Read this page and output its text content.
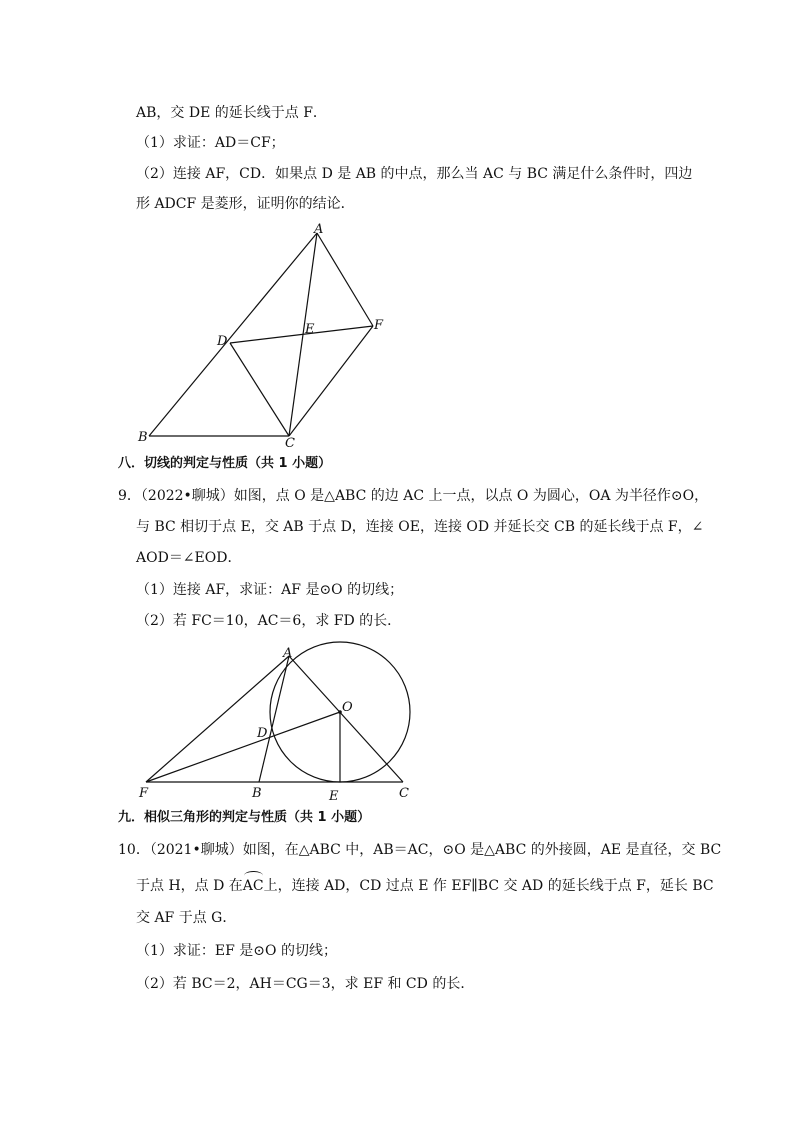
AB，交 DE 的延长线于点 F．
（1）求证：AD＝CF；
（2）连接 AF，CD．如果点 D 是 AB 的中点，那么当 AC 与 BC 满足什么条件时，四边
形 ADCF 是菱形，证明你的结论．
A
B	C
D
E	F
八．切线的判定与性质（共 1 小题）
9．（2022•聊城）如图，点 O 是△ABC 的边 AC 上一点，以点 O 为圆心，OA 为半径作⊙O，
与 BC 相切于点 E，交 AB 于点 D，连接 OE，连接 OD 并延长交 CB 的延长线于点 F，∠
AOD＝∠EOD．
（1）连接 AF，求证：AF 是⊙O 的切线；
（2）若 FC＝10，AC＝6，求 FD 的长．
A
O
D
F	B	E	C
九．相似三角形的判定与性质（共 1 小题）
10．（2021•聊城）如图，在△ABC 中，AB＝AC，⊙O 是△ABC 的外接圆，AE 是直径，交 BC
于点 H，点 D 在AC上，连接 AD，CD 过点 E 作 EF∥BC 交 AD 的延长线于点 F，延长 BC
交 AF 于点 G．
（1）求证：EF 是⊙O 的切线；
（2）若 BC＝2，AH＝CG＝3，求 EF 和 CD 的长．
